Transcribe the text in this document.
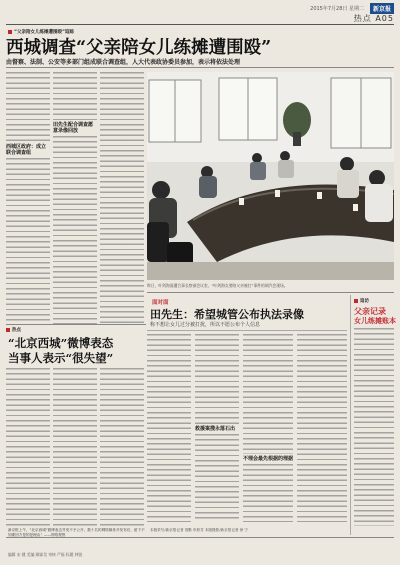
2015年7月28日 星期二	新京报
热点 A05
“父亲陪女儿练摊遭围殴”追踪
西城调查“父亲陪女儿练摊遭围殴”
由督察、法制、公安等多部门组成联合调查组，人大代表政协委员参加，表示将依法处理
西城区政府：成立联合调查组
田先生配合调查愿意录像回放
昨日，叶剑海面遭合事长察部会议室，“叶剑海女要陪父亲被打”事件的调汽会现场。
热点
“北京西城”微博表态
当事人表示“很失望”
面对面
田先生：希望城管公布执法录像
称不想让女儿过分被打扰，所以不愿公布个人信息
救援案搜永落石出
不理会最先根据的理据
本版采写/新京报记者 饭默 申欣芳 本版摄影/新京报记者 徐 宁
追访
父亲记录
女儿练摊账本
新京报上午，“北京西城”微博表态并发不予公开，数十名的网络媒体开发布后，留下不知要回方是的是理由！——网络观察
编辑 宋 健 美编 顾霖昊 审核 严福 标题 林锐
